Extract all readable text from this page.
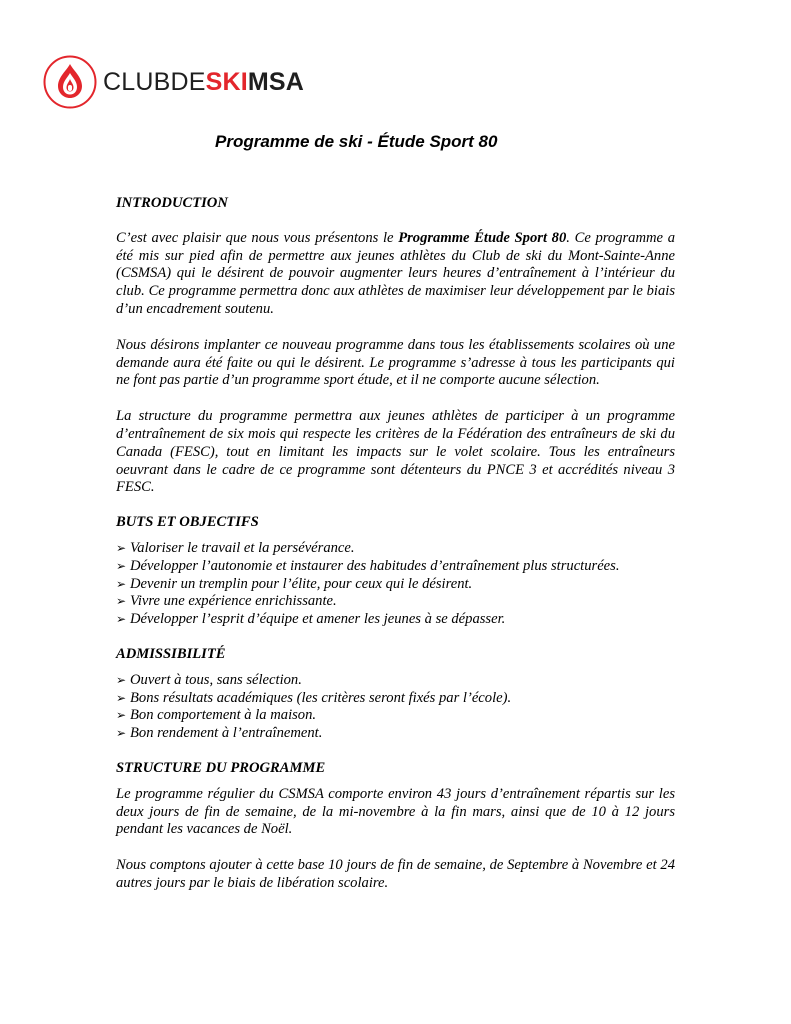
CLUBDESKIMSA
Programme de ski - Étude Sport 80
INTRODUCTION

C’est avec plaisir que nous vous présentons le Programme Étude Sport 80. Ce programme a été mis sur pied afin de permettre aux jeunes athlètes du Club de ski du Mont-Sainte-Anne (CSMSA) qui le désirent de pouvoir augmenter leurs heures d’entraînement à l’intérieur du club. Ce programme permettra donc aux athlètes de maximiser leur développement par le biais d’un encadrement soutenu.

Nous désirons implanter ce nouveau programme dans tous les établissements scolaires où une demande aura été faite ou qui le désirent. Le programme s’adresse à tous les participants qui ne font pas partie d’un programme sport étude, et il ne comporte aucune sélection.

La structure du programme permettra aux jeunes athlètes de participer à un programme d’entraînement de six mois qui respecte les critères de la Fédération des entraîneurs de ski du Canada (FESC), tout en limitant les impacts sur le volet scolaire. Tous les entraîneurs oeuvrant dans le cadre de ce programme sont détenteurs du PNCE 3 et accrédités niveau 3 FESC.

BUTS ET OBJECTIFS
➢ Valoriser le travail et la persévérance.
➢ Développer l’autonomie et instaurer des habitudes d’entraînement plus structurées.
➢ Devenir un tremplin pour l’élite, pour ceux qui le désirent.
➢ Vivre une expérience enrichissante.
➢ Développer l’esprit d’équipe et amener les jeunes à se dépasser.
ADMISSIBILITÉ
➢ Ouvert à tous, sans sélection.
➢ Bons résultats académiques (les critères seront fixés par l’école).
➢ Bon comportement à la maison.
➢ Bon rendement à l’entraînement.
STRUCTURE DU PROGRAMME

Le programme régulier du CSMSA comporte environ 43 jours d’entraînement répartis sur les deux jours de fin de semaine, de la mi-novembre à la fin mars, ainsi que de 10 à 12 jours pendant les vacances de Noël.

Nous comptons ajouter à cette base 10 jours de fin de semaine, de Septembre à Novembre et 24 autres jours par le biais de libération scolaire.
